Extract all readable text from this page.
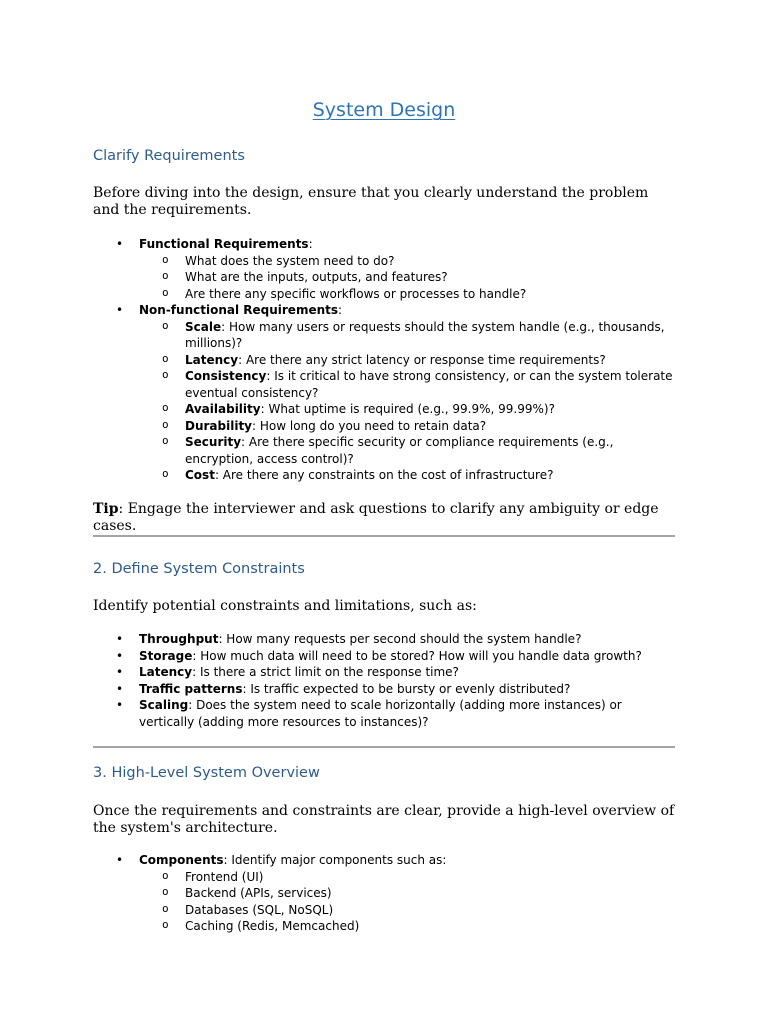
System Design
Clarify Requirements

Before diving into the design, ensure that you clearly understand the problem and the requirements.

• Functional Requirements:
o What does the system need to do?
o What are the inputs, outputs, and features?
o Are there any specific workflows or processes to handle?
• Non-functional Requirements:
o Scale: How many users or requests should the system handle (e.g., thousands, millions)?
o Latency: Are there any strict latency or response time requirements?
o Consistency: Is it critical to have strong consistency, or can the system tolerate eventual consistency?
o Availability: What uptime is required (e.g., 99.9%, 99.99%)?
o Durability: How long do you need to retain data?
o Security: Are there specific security or compliance requirements (e.g., encryption, access control)?
o Cost: Are there any constraints on the cost of infrastructure?

Tip: Engage the interviewer and ask questions to clarify any ambiguity or edge cases.

2. Define System Constraints

Identify potential constraints and limitations, such as:

• Throughput: How many requests per second should the system handle?
• Storage: How much data will need to be stored? How will you handle data growth?
• Latency: Is there a strict limit on the response time?
• Traffic patterns: Is traffic expected to be bursty or evenly distributed?
• Scaling: Does the system need to scale horizontally (adding more instances) or vertically (adding more resources to instances)?
3. High-Level System Overview

Once the requirements and constraints are clear, provide a high-level overview of the system's architecture.

• Components: Identify major components such as:
o Frontend (UI)
o Backend (APIs, services)
o Databases (SQL, NoSQL)
o Caching (Redis, Memcached)
